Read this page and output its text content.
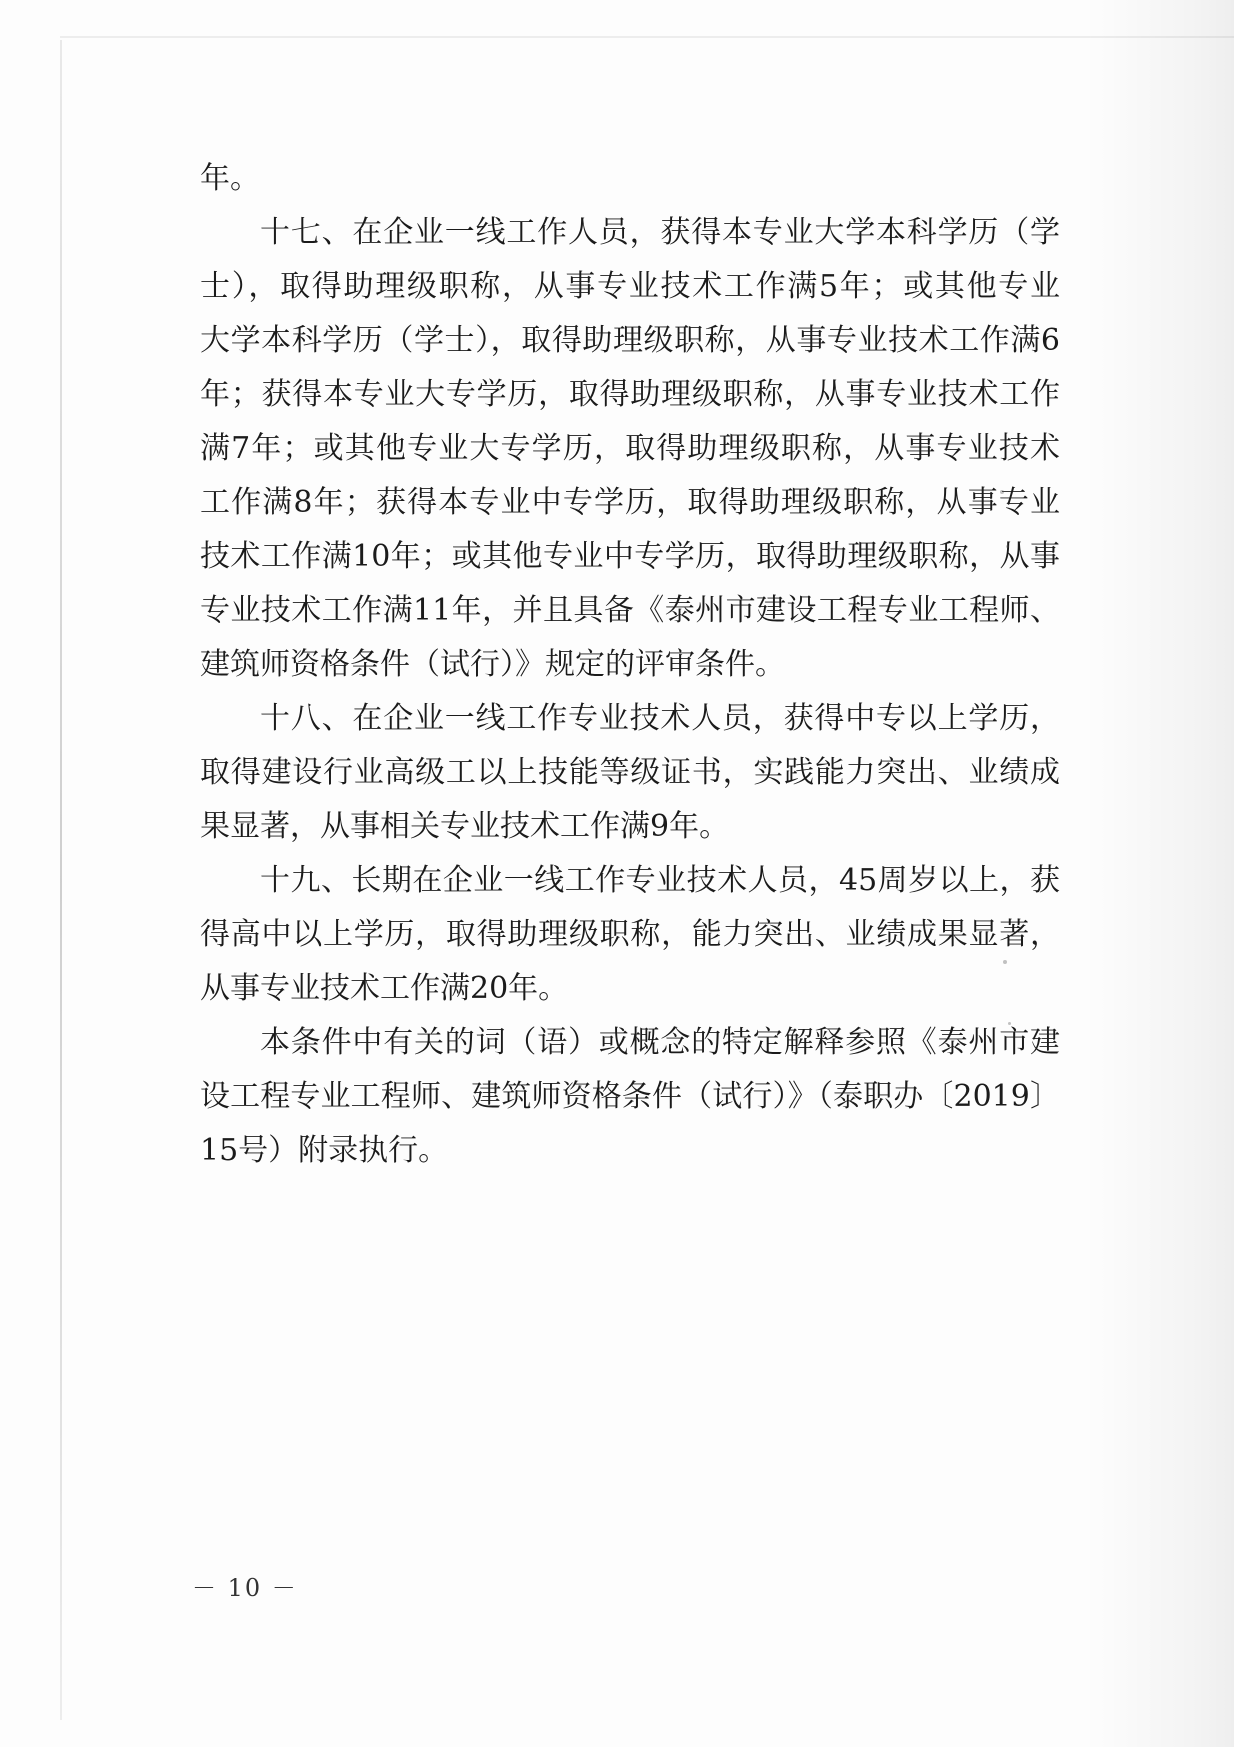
年。
十七、在企业一线工作人员，获得本专业大学本科学历（学
士），取得助理级职称，从事专业技术工作满5年；或其他专业
大学本科学历（学士），取得助理级职称，从事专业技术工作满6
年；获得本专业大专学历，取得助理级职称，从事专业技术工作
满7年；或其他专业大专学历，取得助理级职称，从事专业技术
工作满8年；获得本专业中专学历，取得助理级职称，从事专业
技术工作满10年；或其他专业中专学历，取得助理级职称，从事
专业技术工作满11年，并且具备《泰州市建设工程专业工程师、
建筑师资格条件（试行）》规定的评审条件。
十八、在企业一线工作专业技术人员，获得中专以上学历，
取得建设行业高级工以上技能等级证书，实践能力突出、业绩成
果显著，从事相关专业技术工作满9年。
十九、长期在企业一线工作专业技术人员，45周岁以上，获
得高中以上学历，取得助理级职称，能力突出、业绩成果显著，
从事专业技术工作满20年。
本条件中有关的词（语）或概念的特定解释参照《泰州市建
设工程专业工程师、建筑师资格条件（试行）》（泰职办〔2019〕
15号）附录执行。
－ 10 －
